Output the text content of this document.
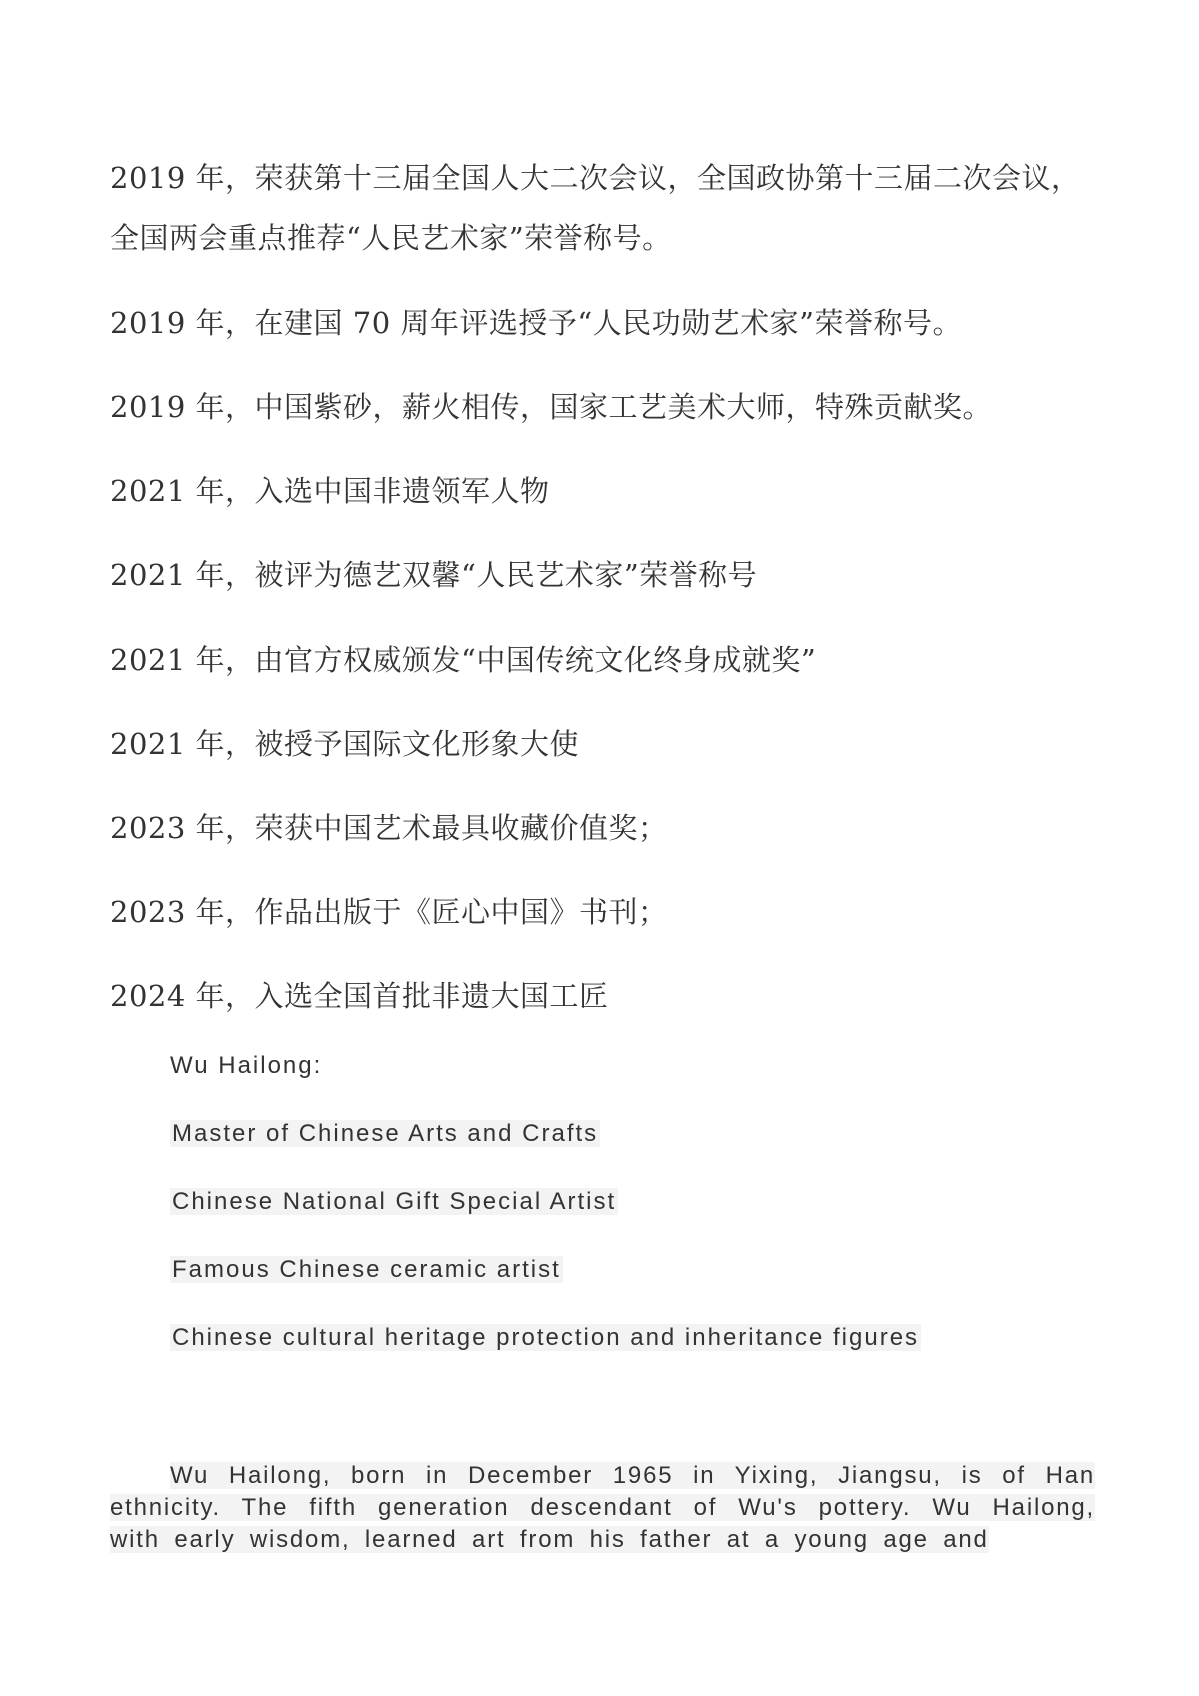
2019 年，荣获第十三届全国人大二次会议，全国政协第十三届二次会议，
全国两会重点推荐“人民艺术家”荣誉称号。
2019 年，在建国 70 周年评选授予“人民功勋艺术家”荣誉称号。
2019 年，中国紫砂，薪火相传，国家工艺美术大师，特殊贡献奖。
2021 年，入选中国非遗领军人物
2021 年，被评为德艺双馨“人民艺术家”荣誉称号
2021 年，由官方权威颁发“中国传统文化终身成就奖”
2021 年，被授予国际文化形象大使
2023 年，荣获中国艺术最具收藏价值奖；
2023 年，作品出版于《匠心中国》书刊；
2024 年，入选全国首批非遗大国工匠
Wu Hailong:
Master of Chinese Arts and Crafts
Chinese National Gift Special Artist
Famous Chinese ceramic artist
Chinese cultural heritage protection and inheritance figures
Wu Hailong, born in December 1965 in Yixing, Jiangsu, is of Han ethnicity. The fifth generation descendant of Wu's pottery. Wu Hailong, with early wisdom, learned art from his father at a young age and
